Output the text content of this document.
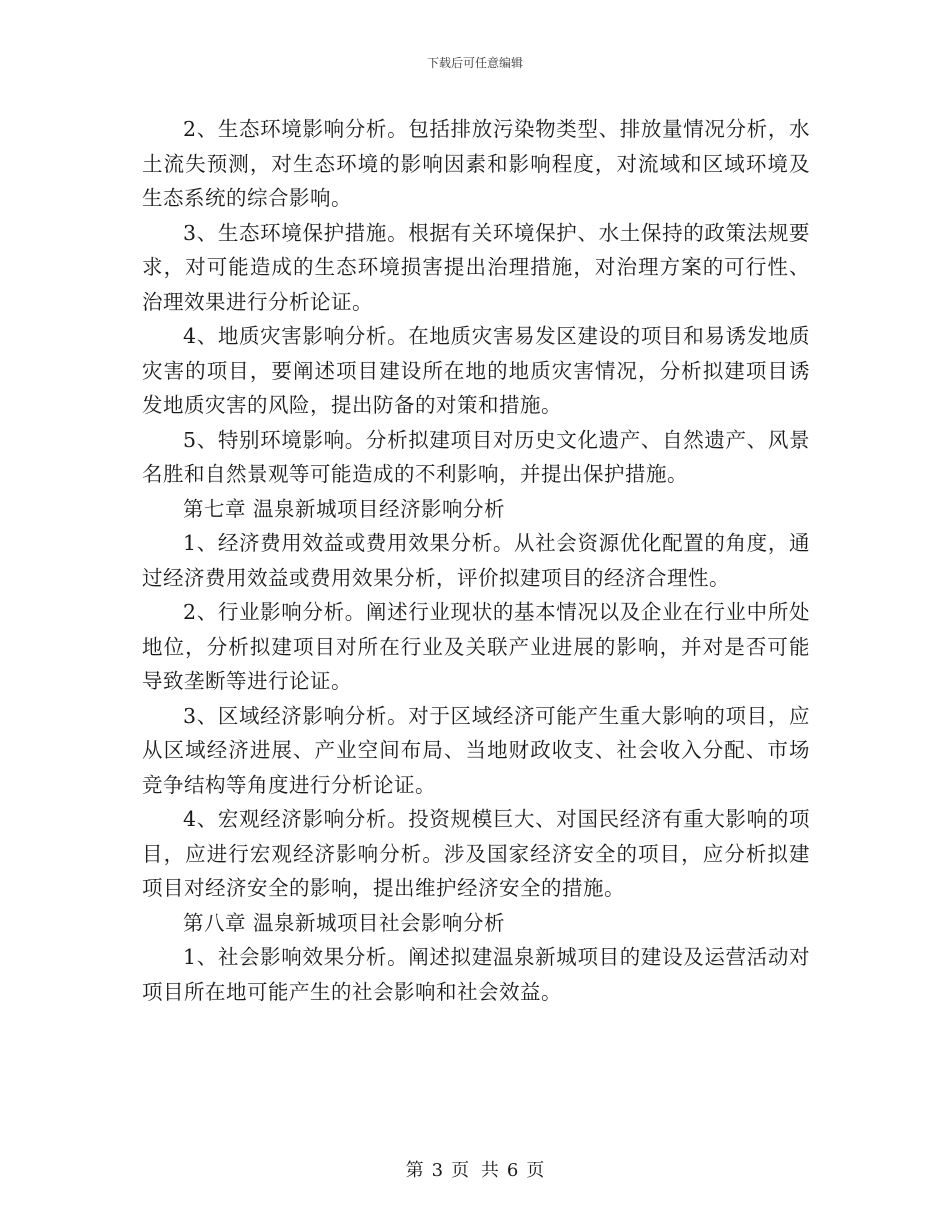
下载后可任意编辑

2、生态环境影响分析。包括排放污染物类型、排放量情况分析，水土流失预测，对生态环境的影响因素和影响程度，对流域和区域环境及生态系统的综合影响。

3、生态环境保护措施。根据有关环境保护、水土保持的政策法规要求，对可能造成的生态环境损害提出治理措施，对治理方案的可行性、治理效果进行分析论证。

4、地质灾害影响分析。在地质灾害易发区建设的项目和易诱发地质灾害的项目，要阐述项目建设所在地的地质灾害情况，分析拟建项目诱发地质灾害的风险，提出防备的对策和措施。

5、特别环境影响。分析拟建项目对历史文化遗产、自然遗产、风景名胜和自然景观等可能造成的不利影响，并提出保护措施。

第七章 温泉新城项目经济影响分析

1、经济费用效益或费用效果分析。从社会资源优化配置的角度，通过经济费用效益或费用效果分析，评价拟建项目的经济合理性。

2、行业影响分析。阐述行业现状的基本情况以及企业在行业中所处地位，分析拟建项目对所在行业及关联产业进展的影响，并对是否可能导致垄断等进行论证。

3、区域经济影响分析。对于区域经济可能产生重大影响的项目，应从区域经济进展、产业空间布局、当地财政收支、社会收入分配、市场竞争结构等角度进行分析论证。

4、宏观经济影响分析。投资规模巨大、对国民经济有重大影响的项目，应进行宏观经济影响分析。涉及国家经济安全的项目，应分析拟建项目对经济安全的影响，提出维护经济安全的措施。

第八章 温泉新城项目社会影响分析

1、社会影响效果分析。阐述拟建温泉新城项目的建设及运营活动对项目所在地可能产生的社会影响和社会效益。

第 3 页 共 6 页
